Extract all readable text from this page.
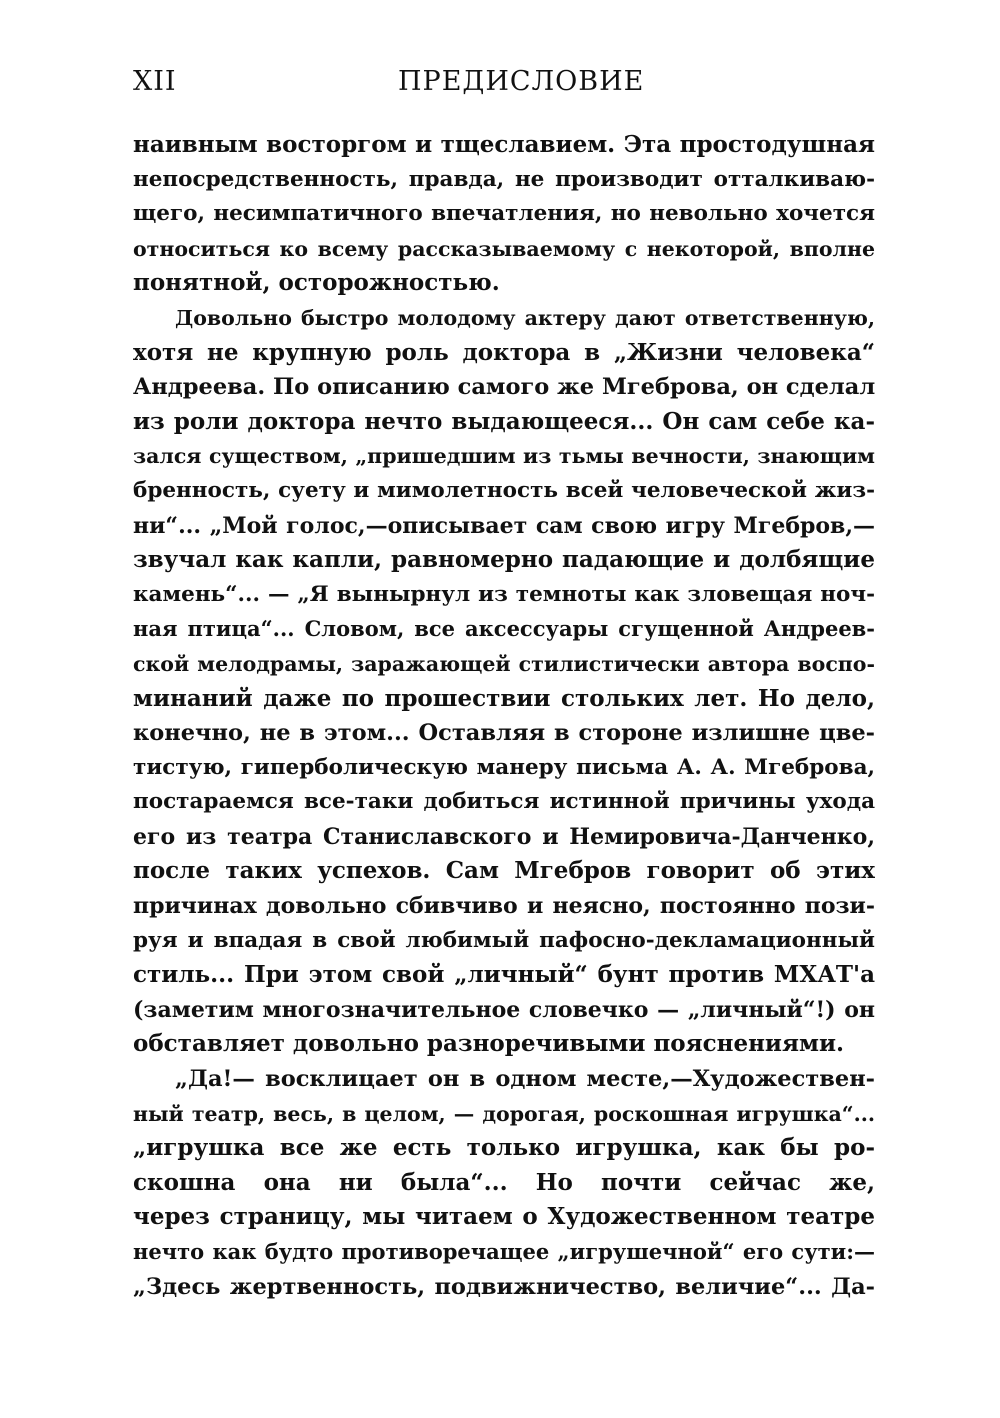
XII	ПРЕДИСЛОВИЕ
наивным восторгом и тщеславием. Эта простодушная
непосредственность, правда, не производит отталкиваю-
щего, несимпатичного впечатления, но невольно хочется
относиться ко всему рассказываемому с некоторой, вполне
понятной, осторожностью.
Довольно быстро молодому актеру дают ответственную,
хотя не крупную роль доктора в „Жизни человека“
Андреева. По описанию самого же Мгеброва, он сделал
из роли доктора нечто выдающееся... Он сам себе ка-
зался существом, „пришедшим из тьмы вечности, знающим
бренность, суету и мимолетность всей человеческой жиз-
ни“... „Мой голос,—описывает сам свою игру Мгебров,—
звучал как капли, равномерно падающие и долбящие
камень“... — „Я вынырнул из темноты как зловещая ноч-
ная птица“... Словом, все аксессуары сгущенной Андреев-
ской мелодрамы, заражающей стилистически автора воспо-
минаний даже по прошествии стольких лет. Но дело,
конечно, не в этом... Оставляя в стороне излишне цве-
тистую, гиперболическую манеру письма А. А. Мгеброва,
постараемся все-таки добиться истинной причины ухода
его из театра Станиславского и Немировича-Данченко,
после таких успехов. Сам Мгебров говорит об этих
причинах довольно сбивчиво и неясно, постоянно пози-
руя и впадая в свой любимый пафосно-декламационный
стиль... При этом свой „личный“ бунт против МХАТ'а
(заметим многозначительное словечко — „личный“!) он
обставляет довольно разноречивыми пояснениями.
„Да!— восклицает он в одном месте,—Художествен-
ный театр, весь, в целом, — дорогая, роскошная игрушка“...
„игрушка все же есть только игрушка, как бы ро-
скошна она ни была“... Но почти сейчас же,
через страницу, мы читаем о Художественном театре
нечто как будто противоречащее „игрушечной“ его сути:—
„Здесь жертвенность, подвижничество, величие“... Да-
